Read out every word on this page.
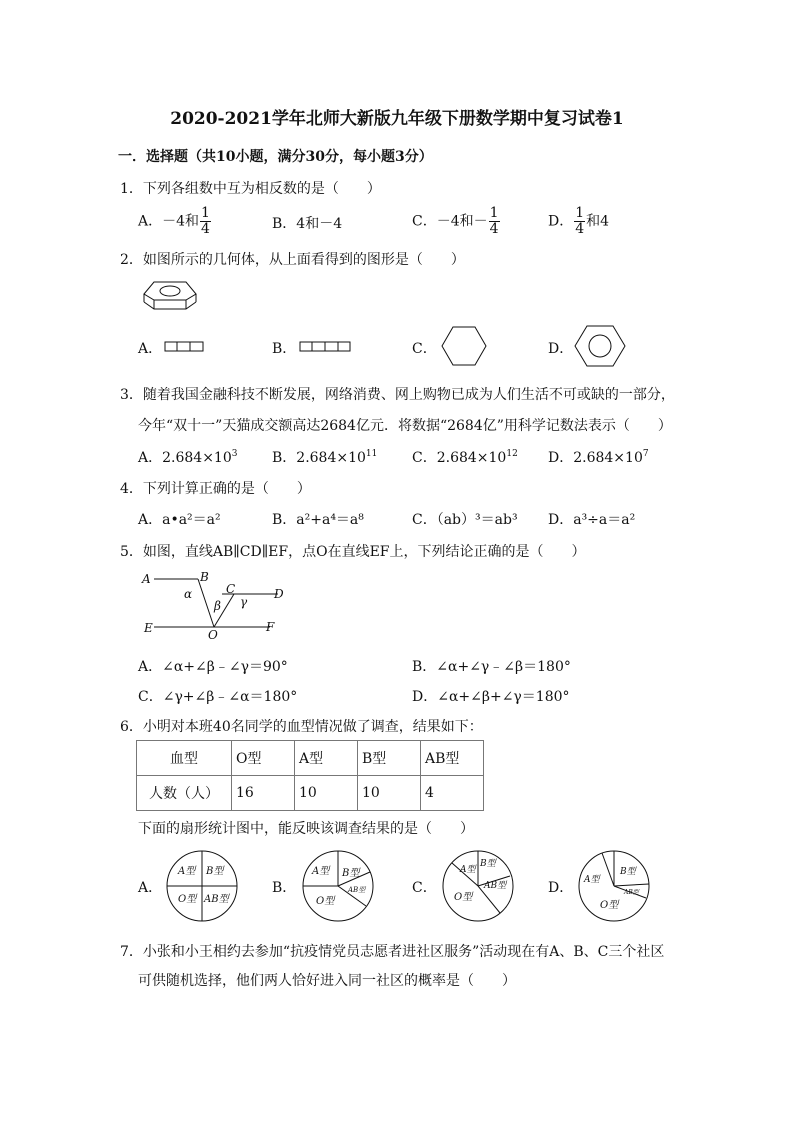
2020-2021学年北师大新版九年级下册数学期中复习试卷1
一．选择题（共10小题，满分30分，每小题3分）
1．下列各组数中互为相反数的是（　　）
A．－4和 $\frac{1}{4}$	B．4和－4	C．－4和－ $\frac{1}{4}$	D． $\frac{1}{4}$ 和4
2．如图所示的几何体，从上面看得到的图形是（　　）
A．	B．	C．	D．
3．随着我国金融科技不断发展，网络消费、网上购物已成为人们生活不可或缺的一部分，
今年“双十一”天猫成交额高达2684亿元．将数据“2684亿”用科学记数法表示（　　）
A．$2.684\times 10^3$ B．$2.684\times 10^{11}$ C．$2.684\times 10^{12}$ D．$2.684\times 10^7$
4．下列计算正确的是（　　）
A．a•a²＝a²	B．a²+a⁴＝a⁸	C．（ab）³＝ab³ D．a³÷a＝a²
5．如图，直线AB∥CD∥EF，点O在直线EF上，下列结论正确的是（　　）
A	B
C	D
E	F
O
α
β γ
A．∠α+∠β﹣∠γ＝90°	B．∠α+∠γ﹣∠β＝180°
C．∠γ+∠β﹣∠α＝180°	D．∠α+∠β+∠γ＝180°
6．小明对本班40名同学的血型情况做了调查，结果如下：
血型	O型	A型	B型	AB型
人数（人）	16	10	10	4
下面的扇形统计图中，能反映该调查结果的是（　　）
A．
A型 B型
O型 AB型
B．
A型 B型
O型
AB型	C．
A型
B型
O型
AB型	D． A型
B型
O型
AB型
7．小张和小王相约去参加“抗疫情党员志愿者进社区服务”活动现在有A、B、C三个社区
可供随机选择，他们两人恰好进入同一社区的概率是（　　）
